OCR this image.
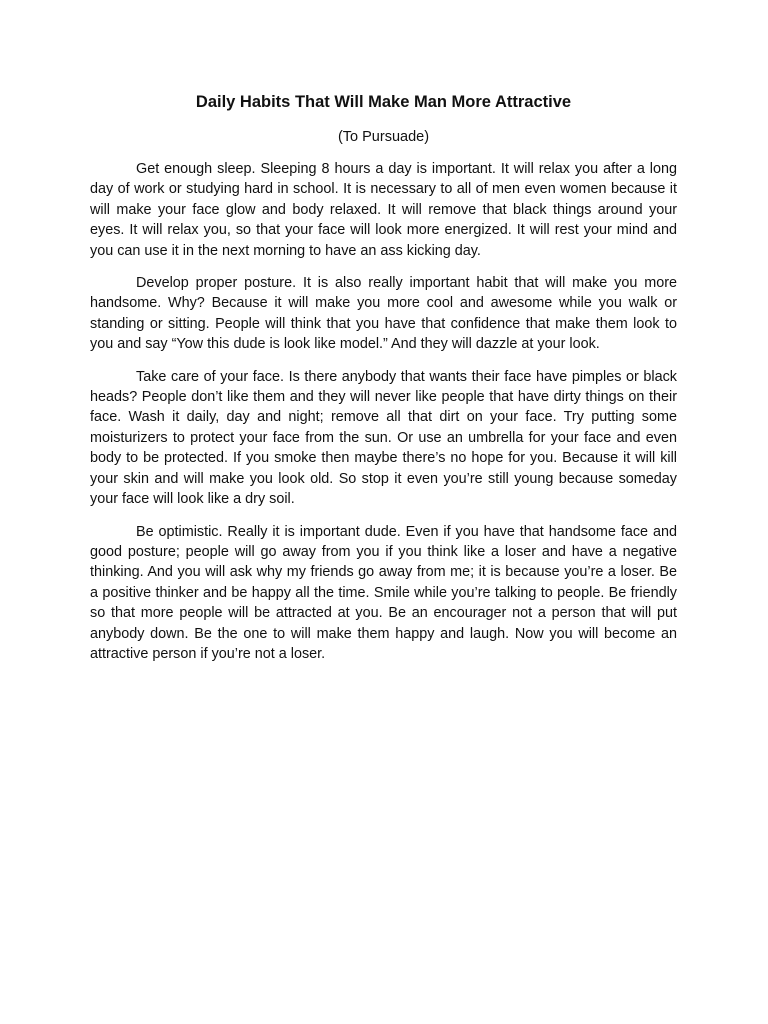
Daily Habits That Will Make Man More Attractive

(To Pursuade)

Get enough sleep. Sleeping 8 hours a day is important. It will relax you after a long day of work or studying hard in school. It is necessary to all of men even women because it will make your face glow and body relaxed. It will remove that black things around your eyes. It will relax you, so that your face will look more energized. It will rest your mind and you can use it in the next morning to have an ass kicking day.

Develop proper posture. It is also really important habit that will make you more handsome. Why? Because it will make you more cool and awesome while you walk or standing or sitting. People will think that you have that confidence that make them look to you and say “Yow this dude is look like model.” And they will dazzle at your look.

Take care of your face. Is there anybody that wants their face have pimples or black heads? People don’t like them and they will never like people that have dirty things on their face. Wash it daily, day and night; remove all that dirt on your face. Try putting some moisturizers to protect your face from the sun. Or use an umbrella for your face and even body to be protected. If you smoke then maybe there’s no hope for you. Because it will kill your skin and will make you look old. So stop it even you’re still young because someday your face will look like a dry soil.

Be optimistic. Really it is important dude. Even if you have that handsome face and good posture; people will go away from you if you think like a loser and have a negative thinking. And you will ask why my friends go away from me; it is because you’re a loser. Be a positive thinker and be happy all the time. Smile while you’re talking to people. Be friendly so that more people will be attracted at you. Be an encourager not a person that will put anybody down. Be the one to will make them happy and laugh. Now you will become an attractive person if you’re not a loser.
